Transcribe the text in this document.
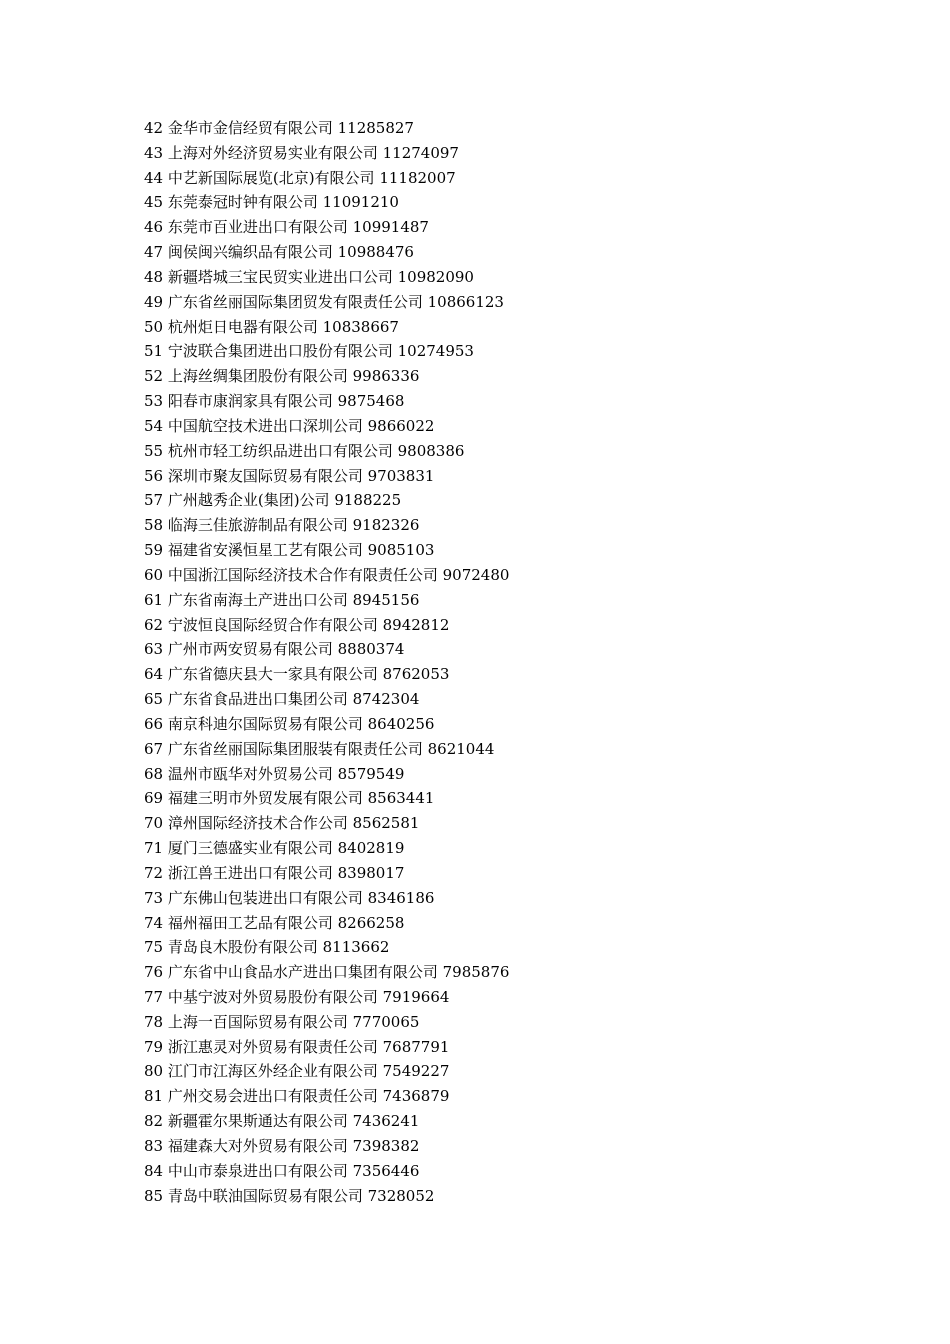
42 金华市金信经贸有限公司 11285827
43 上海对外经济贸易实业有限公司 11274097
44 中艺新国际展览(北京)有限公司 11182007
45 东莞泰冠时钟有限公司 11091210
46 东莞市百业进出口有限公司 10991487
47 闽侯闽兴编织品有限公司 10988476
48 新疆塔城三宝民贸实业进出口公司 10982090
49 广东省丝丽国际集团贸发有限责任公司 10866123
50 杭州炬日电器有限公司 10838667
51 宁波联合集团进出口股份有限公司 10274953
52 上海丝绸集团股份有限公司 9986336
53 阳春市康润家具有限公司 9875468
54 中国航空技术进出口深圳公司 9866022
55 杭州市轻工纺织品进出口有限公司 9808386
56 深圳市聚友国际贸易有限公司 9703831
57 广州越秀企业(集团)公司 9188225
58 临海三佳旅游制品有限公司 9182326
59 福建省安溪恒星工艺有限公司 9085103
60 中国浙江国际经济技术合作有限责任公司 9072480
61 广东省南海土产进出口公司 8945156
62 宁波恒良国际经贸合作有限公司 8942812
63 广州市两安贸易有限公司 8880374
64 广东省德庆县大一家具有限公司 8762053
65 广东省食品进出口集团公司 8742304
66 南京科迪尔国际贸易有限公司 8640256
67 广东省丝丽国际集团服装有限责任公司 8621044
68 温州市瓯华对外贸易公司 8579549
69 福建三明市外贸发展有限公司 8563441
70 漳州国际经济技术合作公司 8562581
71 厦门三德盛实业有限公司 8402819
72 浙江兽王进出口有限公司 8398017
73 广东佛山包装进出口有限公司 8346186
74 福州福田工艺品有限公司 8266258
75 青岛良木股份有限公司 8113662
76 广东省中山食品水产进出口集团有限公司 7985876
77 中基宁波对外贸易股份有限公司 7919664
78 上海一百国际贸易有限公司 7770065
79 浙江惠灵对外贸易有限责任公司 7687791
80 江门市江海区外经企业有限公司 7549227
81 广州交易会进出口有限责任公司 7436879
82 新疆霍尔果斯通达有限公司 7436241
83 福建森大对外贸易有限公司 7398382
84 中山市泰泉进出口有限公司 7356446
85 青岛中联油国际贸易有限公司 7328052
